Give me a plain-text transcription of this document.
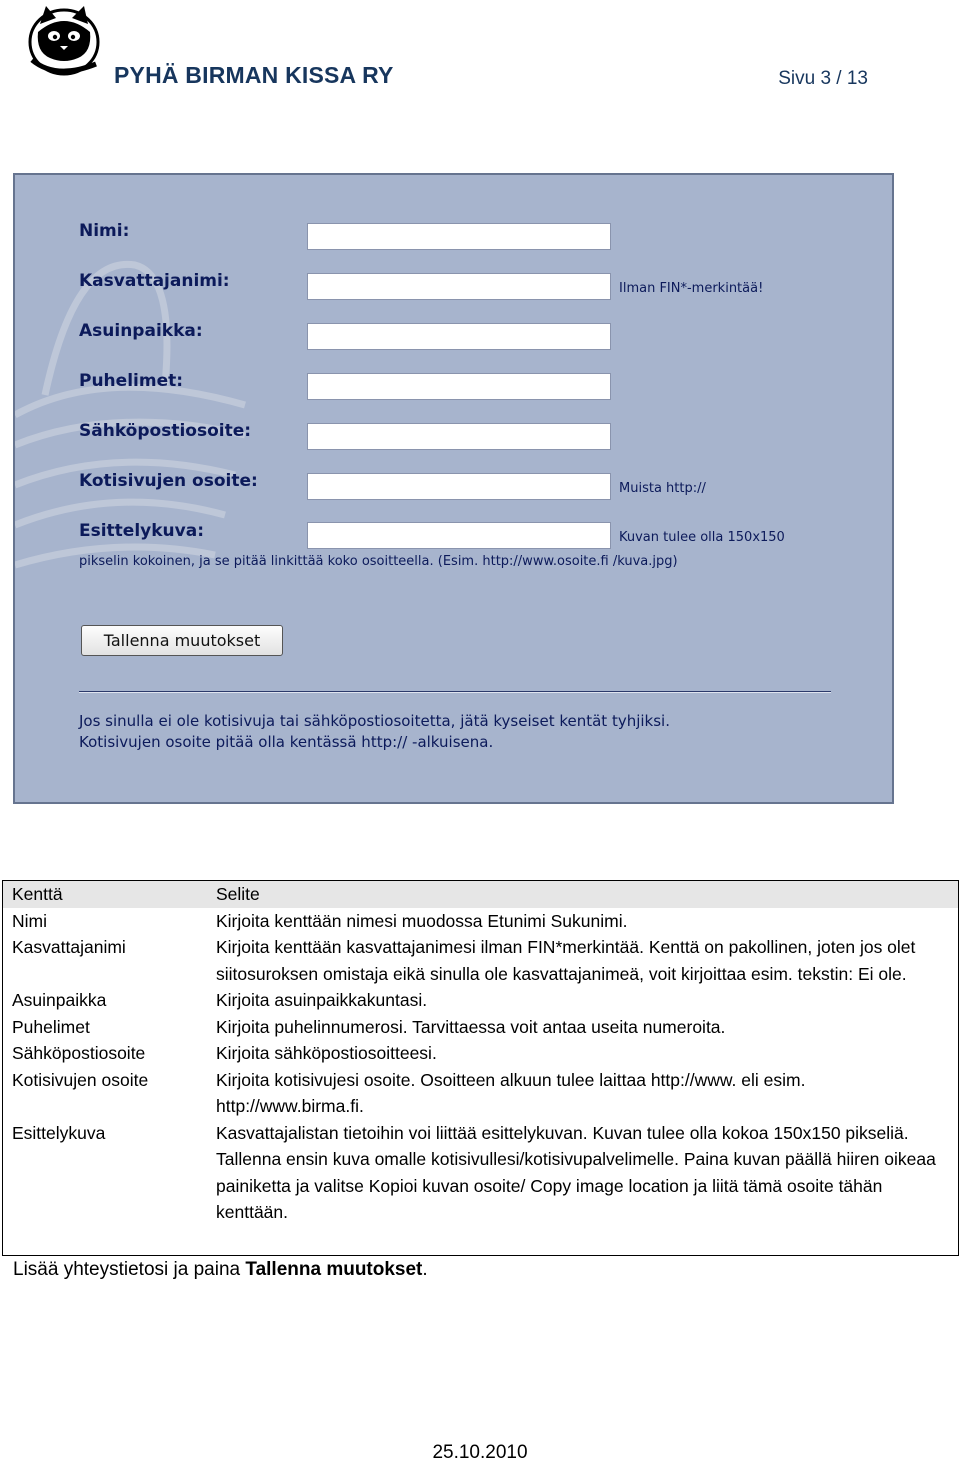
PYHÄ BIRMAN KISSA RY	Sivu 3 / 13
Nimi:
Kasvattajanimi:	Ilman FIN*-merkintää!
Asuinpaikka:
Puhelimet:
Sähköpostiosoite:
Kotisivujen osoite:	Muista http://
Esittelykuva:	Kuvan tulee olla 150x150
pikselin kokoinen, ja se pitää linkittää koko osoitteella. (Esim. http://www.osoite.fi /kuva.jpg)
Tallenna muutokset
Jos sinulla ei ole kotisivuja tai sähköpostiosoitetta, jätä kyseiset kentät tyhjiksi.
Kotisivujen osoite pitää olla kentässä http:// -alkuisena.
Kenttä	Selite
Nimi	Kirjoita kenttään nimesi muodossa Etunimi Sukunimi.
Kasvattajanimi	Kirjoita kenttään kasvattajanimesi ilman FIN*merkintää. Kenttä on pakollinen, joten jos olet siitosuroksen omistaja eikä sinulla ole kasvattajanimeä, voit kirjoittaa esim. tekstin: Ei ole.
Asuinpaikka	Kirjoita asuinpaikkakuntasi.
Puhelimet	Kirjoita puhelinnumerosi. Tarvittaessa voit antaa useita numeroita.
Sähköpostiosoite	Kirjoita sähköpostiosoitteesi.
Kotisivujen osoite	Kirjoita kotisivujesi osoite. Osoitteen alkuun tulee laittaa http://www. eli esim. http://www.birma.fi.
Esittelykuva	Kasvattajalistan tietoihin voi liittää esittelykuvan. Kuvan tulee olla kokoa 150x150 pikseliä. Tallenna ensin kuva omalle kotisivullesi/kotisivupalvelimelle. Paina kuvan päällä hiiren oikeaa painiketta ja valitse Kopioi kuvan osoite/ Copy image location ja liitä tämä osoite tähän kenttään.
Lisää yhteystietosi ja paina Tallenna muutokset.
25.10.2010
